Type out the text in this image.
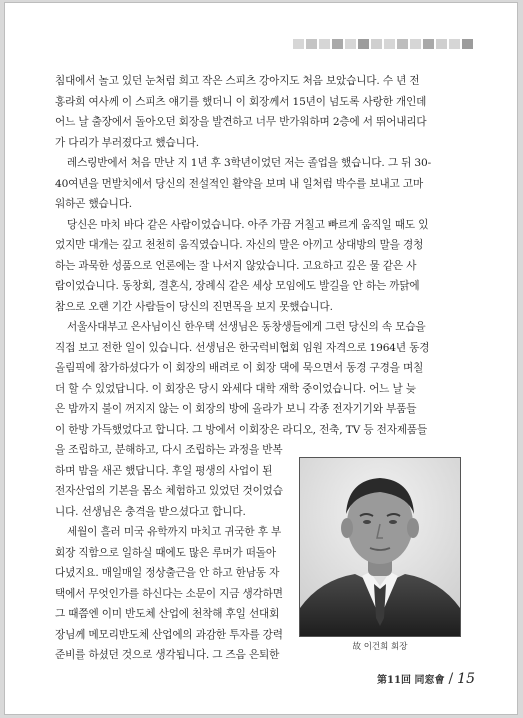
침대에서 놀고 있던 눈처럼 희고 작은 스피츠 강아지도 처음 보았습니다. 수 년 전
홍라희 여사께 이 스피츠 얘기를 했더니 이 회장께서 15년이 넘도록 사랑한 개인데
어느 날 출장에서 돌아오던 회장을 발견하고 너무 반가워하며 2층에 서 뛰어내리다
가 다리가 부러졌다고 했습니다.

레스링반에서 처음 만난 지 1년 후 3학년이었던 저는 졸업을 했습니다. 그 뒤 30-
40여년을 먼발치에서 당신의 전설적인 활약을 보며 내 일처럼 박수를 보내고 고마
워하곤 했습니다.

당신은 마치 바다 같은 사람이었습니다. 아주 가끔 거칠고 빠르게 움직일 때도 있
었지만 대개는 깊고 천천히 움직였습니다. 자신의 말은 아끼고 상대방의 말을 경청
하는 과묵한 성품으로 언론에는 잘 나서지 않았습니다. 고요하고 깊은 물 같은 사
람이었습니다. 동창회, 결혼식, 장례식 같은 세상 모임에도 발길을 안 하는 까닭에
참으로 오랜 기간 사람들이 당신의 진면목을 보지 못했습니다.

서울사대부고 은사님이신 한우택 선생님은 동창생들에게 그런 당신의 속 모습을
직접 보고 전한 일이 있습니다. 선생님은 한국럭비협회 임원 자격으로 1964년 동경
올림픽에 참가하셨다가 이 회장의 배려로 이 회장 댁에 묵으면서 동경 구경을 며칠
더 할 수 있었답니다. 이 회장은 당시 와세다 대학 재학 중이었습니다. 어느 날 늦
은 밤까지 불이 꺼지지 않는 이 회장의 방에 올라가 보니 각종 전자기기와 부품들
이 한방 가득했었다고 합니다. 그 방에서 이회장은 라디오, 전축, TV 등 전자제품들
을 조립하고, 분해하고, 다시 조립하는 과정을 반복
하며 밤을 새곤 했답니다. 후일 평생의 사업이 된
전자산업의 기본을 몸소 체험하고 있었던 것이었습
니다. 선생님은 충격을 받으셨다고 합니다.

세월이 흘러 미국 유학까지 마치고 귀국한 후 부
회장 직함으로 일하실 때에도 많은 루머가 떠돌아
다녔지요. 매일매일 정상출근을 안 하고 한남동 자
택에서 무엇인가를 하신다는 소문이 지금 생각하면
그 때쯤엔 이미 반도체 산업에 천착해 후일 선대회
장님께 메모리반도체 산업에의 과감한 투자를 강력
준비를 하셨던 것으로 생각됩니다. 그 즈음 은퇴한

故 이건희 회장
第11回 同窓會 / 15
